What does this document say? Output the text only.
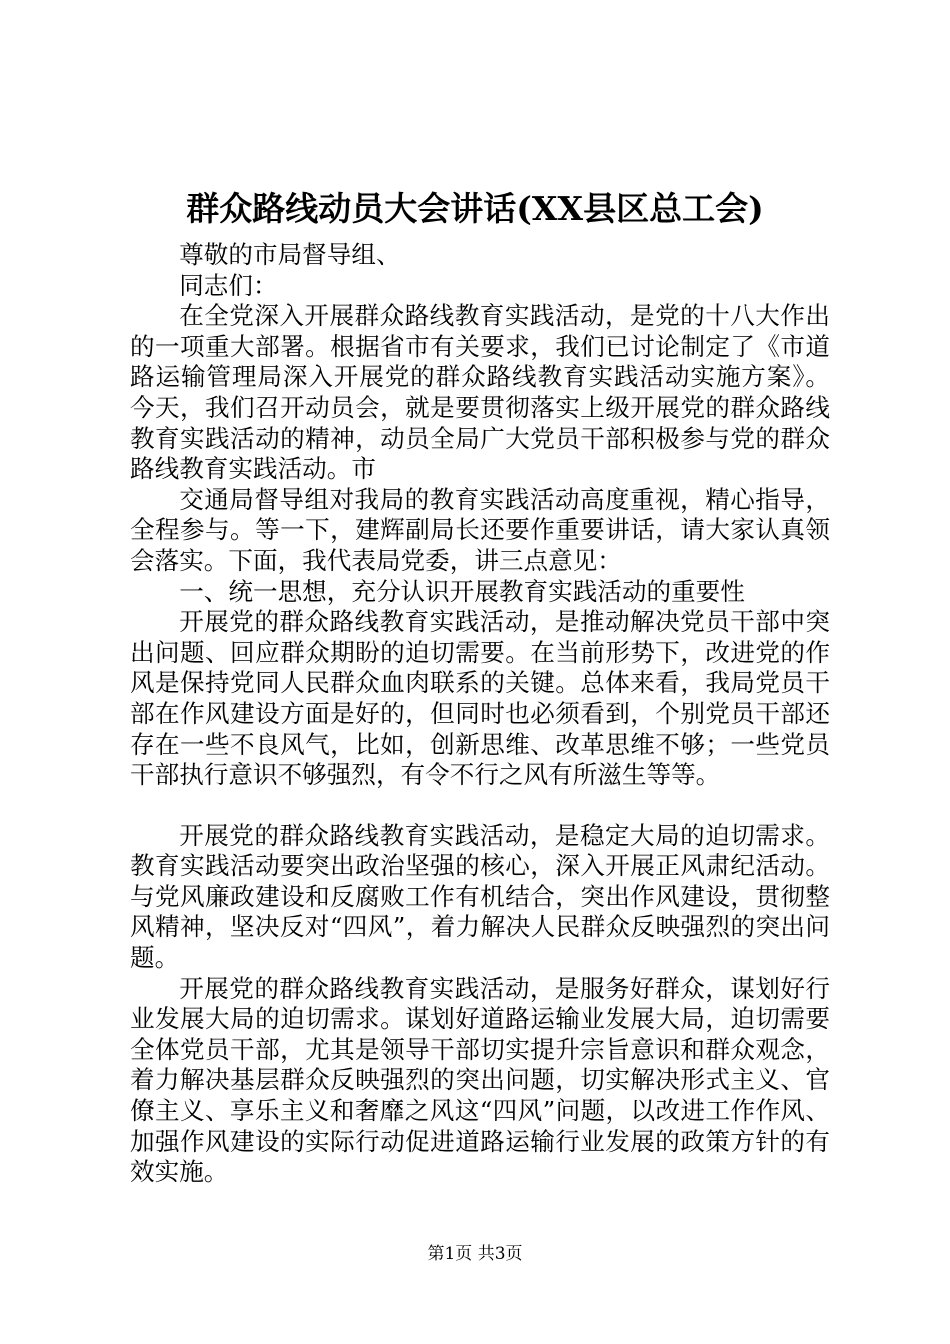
群众路线动员大会讲话(XX县区总工会)

尊敬的市局督导组、

同志们：

在全党深入开展群众路线教育实践活动，是党的十八大作出的一项重大部署。根据省市有关要求，我们已讨论制定了《市道路运输管理局深入开展党的群众路线教育实践活动实施方案》。今天，我们召开动员会，就是要贯彻落实上级开展党的群众路线教育实践活动的精神，动员全局广大党员干部积极参与党的群众路线教育实践活动。市

交通局督导组对我局的教育实践活动高度重视，精心指导，全程参与。等一下，建辉副局长还要作重要讲话，请大家认真领会落实。下面，我代表局党委，讲三点意见：

一、统一思想，充分认识开展教育实践活动的重要性

开展党的群众路线教育实践活动，是推动解决党员干部中突出问题、回应群众期盼的迫切需要。在当前形势下，改进党的作风是保持党同人民群众血肉联系的关键。总体来看，我局党员干部在作风建设方面是好的，但同时也必须看到，个别党员干部还存在一些不良风气，比如，创新思维、改革思维不够；一些党员干部执行意识不够强烈，有令不行之风有所滋生等等。

开展党的群众路线教育实践活动，是稳定大局的迫切需求。教育实践活动要突出政治坚强的核心，深入开展正风肃纪活动。与党风廉政建设和反腐败工作有机结合，突出作风建设，贯彻整风精神，坚决反对“四风”，着力解决人民群众反映强烈的突出问题。

开展党的群众路线教育实践活动，是服务好群众，谋划好行业发展大局的迫切需求。谋划好道路运输业发展大局，迫切需要全体党员干部，尤其是领导干部切实提升宗旨意识和群众观念，着力解决基层群众反映强烈的突出问题，切实解决形式主义、官僚主义、享乐主义和奢靡之风这“四风”问题，以改进工作作风、加强作风建设的实际行动促进道路运输行业发展的政策方针的有效实施。

第1页 共3页
